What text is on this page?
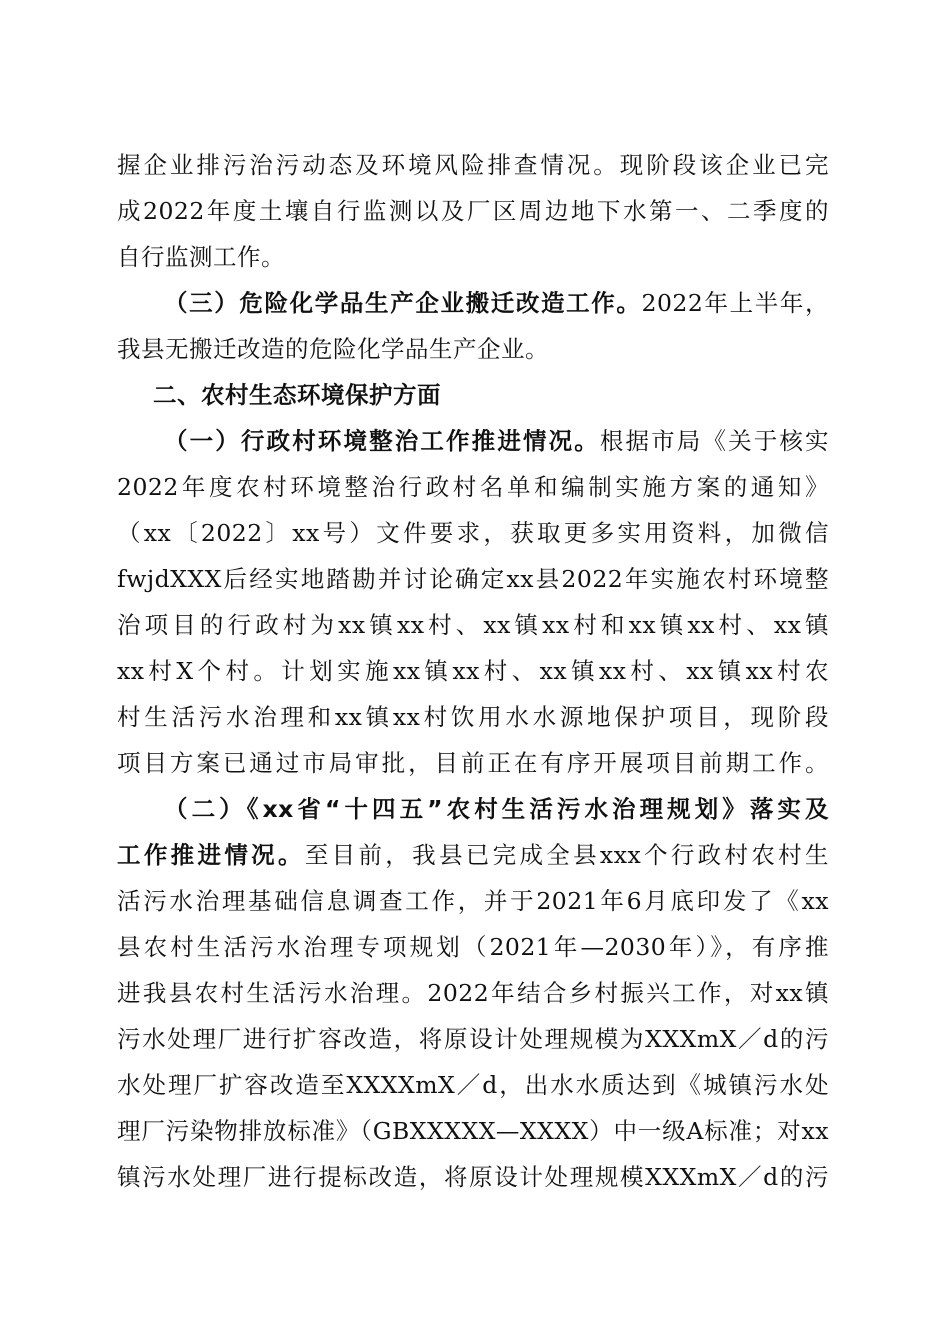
握企业排污治污动态及环境风险排查情况。现阶段该企业已完
成2022年度土壤自行监测以及厂区周边地下水第一、二季度的
自行监测工作。
（三）危险化学品生产企业搬迁改造工作。2022年上半年，
我县无搬迁改造的危险化学品生产企业。
二、农村生态环境保护方面
（一）行政村环境整治工作推进情况。根据市局《关于核实
2022年度农村环境整治行政村名单和编制实施方案的通知》
（xx〔2022〕xx号）文件要求，获取更多实用资料，加微信
fwjdXXX后经实地踏勘并讨论确定xx县2022年实施农村环境整
治项目的行政村为xx镇xx村、xx镇xx村和xx镇xx村、xx镇
xx村X个村。计划实施xx镇xx村、xx镇xx村、xx镇xx村农
村生活污水治理和xx镇xx村饮用水水源地保护项目，现阶段
项目方案已通过市局审批，目前正在有序开展项目前期工作。
（二）《xx省“十四五”农村生活污水治理规划》落实及
工作推进情况。至目前，我县已完成全县xxx个行政村农村生
活污水治理基础信息调查工作，并于2021年6月底印发了《xx
县农村生活污水治理专项规划（2021年—2030年）》，有序推
进我县农村生活污水治理。2022年结合乡村振兴工作，对xx镇
污水处理厂进行扩容改造，将原设计处理规模为XXXmX／d的污
水处理厂扩容改造至XXXXmX／d，出水水质达到《城镇污水处
理厂污染物排放标准》（GBXXXXX—XXXX）中一级A标准；对xx
镇污水处理厂进行提标改造，将原设计处理规模XXXmX／d的污
